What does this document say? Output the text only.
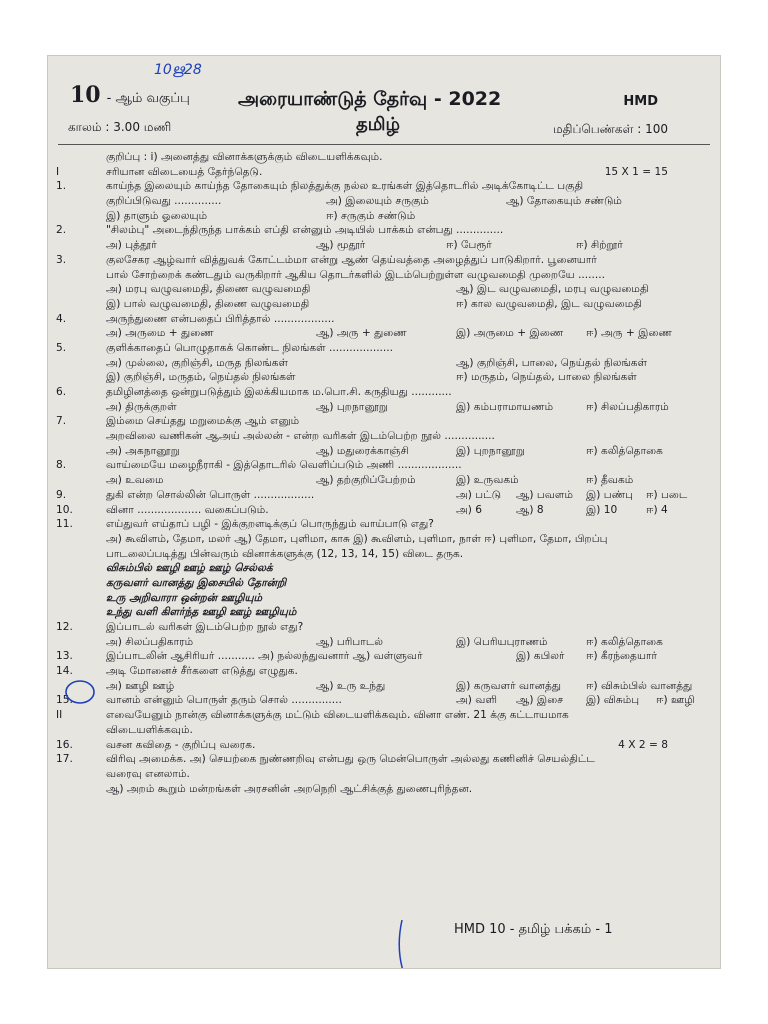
10ഋ28
10 - ஆம் வகுப்பு	அரையாண்டுத் தேர்வு - 2022	HMD
காலம் : 3.00 மணி	தமிழ்	மதிப்பெண்கள் : 100
குறிப்பு : i) அனைத்து வினாக்களுக்கும் விடையளிக்கவும்.
I	சரியான விடையைத் தேர்ந்தெடு.	15 X 1 = 15
1.	காய்ந்த இலையும் காய்ந்த தோகையும் நிலத்துக்கு நல்ல உரங்கள் இத்தொடரில் அடிக்கோடிட்ட பகுதி
குறிப்பிடுவது ..............	அ) இலையும் சருகும்	ஆ) தோகையும் சண்டும்
இ) தாளும் ஓலையும்	ஈ) சருகும் சண்டும்
2.	"சிலம்பு" அடைந்திருந்த பாக்கம் எப்தி என்னும் அடியில் பாக்கம் என்பது ..............
அ) புத்தூர்	ஆ) மூதூர்	ஈ) பேரூர்	ஈ) சிற்றூர்
3.	குலசேகர ஆழ்வார் வித்துவக் கோட்டம்மா என்று ஆண் தெய்வத்தை அழைத்துப் பாடுகிறார். பூனையார்
பால் சோற்றைக் கண்டதும் வருகிறார் ஆகிய தொடர்களில் இடம்பெற்றுள்ள வழுவமைதி முறையே ........
அ) மரபு வழுவமைதி, திணை வழுவமைதி	ஆ) இட வழுவமைதி, மரபு வழுவமைதி
இ) பால் வழுவமைதி, திணை வழுவமைதி	ஈ) கால வழுவமைதி, இட வழுவமைதி
4.	அருந்துணை என்பதைப் பிரித்தால் ..................
அ) அருமை + துணை	ஆ) அரு + துணை	இ) அருமை + இணை ஈ) அரு + இணை
5.	குளிக்காதைப் பொழுதாகக் கொண்ட நிலங்கள் ...................
அ) முல்லை, குறிஞ்சி, மருத நிலங்கள்	ஆ) குறிஞ்சி, பாலை, நெய்தல் நிலங்கள்
இ) குறிஞ்சி, மருதம், நெய்தல் நிலங்கள்	ஈ) மருதம், நெய்தல், பாலை நிலங்கள்
6.	தமிழினத்தை ஒன்றுபடுத்தும் இலக்கியமாக ம.பொ.சி. கருதியது ............
அ) திருக்குறள்	ஆ) புறநானூறு	இ) கம்பராமாயணம்	ஈ) சிலப்பதிகாரம்
7.	இம்மை செய்தது மறுமைக்கு ஆம் எனும்
அறவிலை வணிகன் ஆஅய் அல்லன் - என்ற வரிகள் இடம்பெற்ற நூல் ...............
அ) அகநானூறு	ஆ) மதுரைக்காஞ்சி	இ) புறநானூறு	ஈ) கலித்தொகை
8.	வாய்மையே மழைநீராகி - இத்தொடரில் வெளிப்படும் அணி ...................
அ) உவமை	ஆ) தற்குறிப்பேற்றம்	இ) உருவகம்	ஈ) தீவகம்
9.	துகி என்ற சொல்லின் பொருள் ..................	அ) பட்டு ஆ) பவளம் இ) பண்பு ஈ) படை
10.	வினா ................... வகைப்படும்.	அ) 6	ஆ) 8	இ) 10	ஈ) 4
11.	எய்துவர் எய்தாப் பழி - இக்குறளடிக்குப் பொருந்தும் வாய்பாடு எது?
அ) கூவிளம், தேமா, மலர் ஆ) தேமா, புளிமா, காசு இ) கூவிளம், புளிமா, நாள் ஈ) புளிமா, தேமா, பிறப்பு
பாடலைப்படித்து பின்வரும் வினாக்களுக்கு (12, 13, 14, 15) விடை தருக.
விசும்பில் ஊழி ஊழ் ஊழ் செல்லக்
கருவளர் வானத்து இசையில் தோன்றி
உரு அறிவாரா ஒன்றன் ஊழியும்
உந்து வளி கிளர்ந்த ஊழி ஊழ் ஊழியும்
12.	இப்பாடல் வரிகள் இடம்பெற்ற நூல் எது?
அ) சிலப்பதிகாரம்	ஆ) பரிபாடல்	இ) பெரியபுராணம்	ஈ) கலித்தொகை
13.	இப்பாடலின் ஆசிரியர் ........... அ) நல்லந்துவனார் ஆ) வள்ளுவர்	இ) கபிலர் ஈ) கீரந்தையார்
14.	அடி மோனைச் சீர்களை எடுத்து எழுதுக.
அ) ஊழி ஊழ்	ஆ) உரு உந்து	இ) கருவளர் வானத்து ஈ) விசும்பில் வானத்து
15.	வானம் என்னும் பொருள் தரும் சொல் ...............	அ) வளி ஆ) இசை இ) விசும்பு ஈ) ஊழி
II	எவையேனும் நான்கு வினாக்களுக்கு மட்டும் விடையளிக்கவும். வினா எண். 21 க்கு கட்டாயமாக
விடையளிக்கவும்.
16.	வசன கவிதை - குறிப்பு வரைக.	4 X 2 = 8
17.	விரிவு அமைக்க. அ) செயற்கை நுண்ணறிவு என்பது ஒரு மென்பொருள் அல்லது கணினிச் செயல்திட்ட
வரைவு எனலாம்.
ஆ) அறம் கூறும் மன்றங்கள் அரசனின் அறநெறி ஆட்சிக்குத் துணைபுரிந்தன.
HMD 10 - தமிழ் பக்கம் - 1
